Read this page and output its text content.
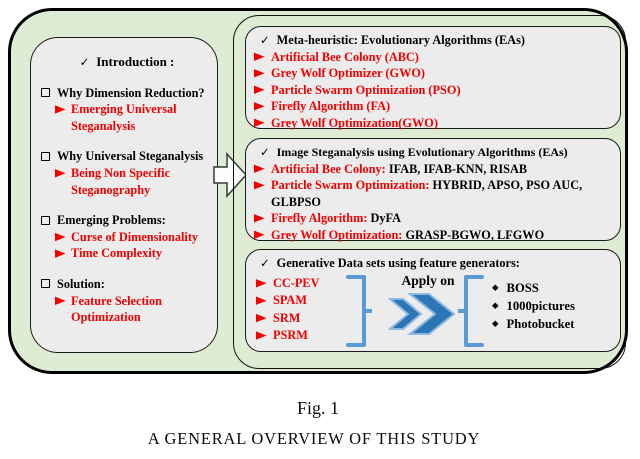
✓ Introduction :
Why Dimension Reduction?
Emerging Universal Steganalysis
Why Universal Steganalysis
Being Non Specific Steganography
Emerging Problems:
Curse of Dimensionality
Time Complexity
Solution:
Feature Selection Optimization
✓ Meta-heuristic: Evolutionary Algorithms (EAs)
Artificial Bee Colony (ABC)
Grey Wolf Optimizer (GWO)
Particle Swarm Optimization (PSO)
Firefly Algorithm (FA)
Grey Wolf Optimization(GWO)
✓ Image Steganalysis using Evolutionary Algorithms (EAs)
Artificial Bee Colony: IFAB, IFAB-KNN, RISAB
Particle Swarm Optimization: HYBRID, APSO, PSO AUC, GLBPSO
Firefly Algorithm: DyFA
Grey Wolf Optimization: GRASP-BGWO, LFGWO
✓ Generative Data sets using feature generators:
CC-PEV
SPAM
SRM
PSRM
Apply on	◆ BOSS
◆ 1000pictures
◆ Photobucket
Fig. 1
A GENERAL OVERVIEW OF THIS STUDY
